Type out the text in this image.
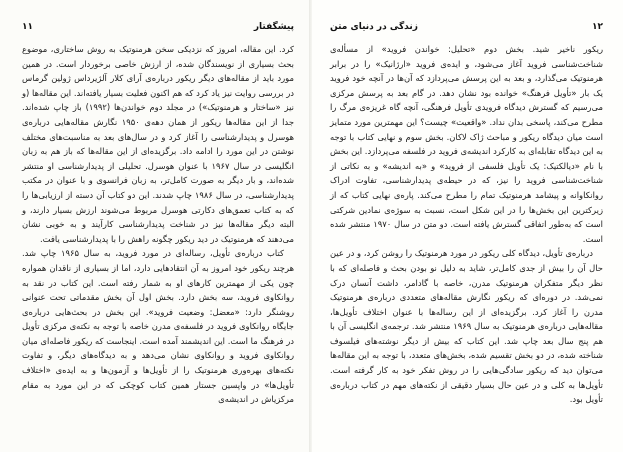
پیشگفتار
۱۱

کرد. این مقاله، امروز که نزدیکی سخن هرمنوتیک به روش ساختاری، موضوع بحث بسیاری از نویسندگان شده، از ارزش خاصی برخوردار است. در همین مورد باید از مقاله‌های دیگر ریکور درباره‌ی آرای کلار آلژیرداس ژولین گرماس در بررسی روایت نیز یاد کرد که هم اکنون فعلیت بسیار یافته‌اند. این مقاله‌ها (و نیز «ساختار و هرمنوتیک») در مجلد دوم خواندن‌ها (۱۹۹۲) باز چاپ شده‌اند. جدا از این مقاله‌ها ریکور از همان دهه‌ی ۱۹۵۰ نگارش مقاله‌هایی درباره‌ی هوسرل و پدیدارشناسی را آغاز کرد و در سال‌های بعد به مناسبت‌های مختلف نوشتن در این مورد را ادامه داد. برگزیده‌ای از این مقاله‌ها که باز هم به زبان انگلیسی در سال ۱۹۶۷ با عنوان هوسرل. تحلیلی از پدیدارشناسی او منتشر شده‌اند، و بار دیگر به صورت کامل‌تر، به زبان فرانسوی و با عنوان در مکتب پدیدارشناسی، در سال ۱۹۸۶ چاپ شدند. این دو کتاب آن دسته از ارزیابی‌ها را که به کتاب تعمق‌های دکارتی هوسرل مربوط می‌شوند ارزش بسیار دارند، و البته دیگر مقاله‌ها نیز در شناخت پدیدارشناسی کارآیند و به خوبی نشان می‌دهند که هرمنوتیک در دید ریکور چگونه راهش را با پدیدارشناسی یافت.

کتاب درباره‌ی تأویل، رساله‌ای در مورد فروید، به سال ۱۹۶۵ چاپ شد. هرچند ریکور خود امروز به آن انتقادهایی دارد، اما از بسیاری از ناقدان همواره چون یکی از مهمترین کارهای او به شمار رفته است. این کتاب در نقد به روانکاوی فروید، سه بخش دارد. بخش اول آن بخش مقدماتی تحت عنوانی روشنگر دارد: «معضل: وضعیت فروید». این بخش در بحث‌هایی درباره‌ی جایگاه روانکاوی فروید در فلسفه‌ی مدرن خاصه با توجه به نکته‌ی مرکزی تأویل در فرهنگ ما است. این اندیشمند آمده است. اینجاست که ریکور فاصله‌ای میان روانکاوی فروید و روانکاوی نشان می‌دهد و به دیدگاه‌های دیگر، و تفاوت نکته‌های بهره‌وری هرمنوتیک را از تأویل‌ها و آزمون‌ها و به ایده‌ی «اختلاف تأویل‌ها» در واپسین جستار همین کتاب کوچکی که در این مورد به مقام مرکزیاش در اندیشه‌ی

۱۲
زندگی در دنیای متن

ریکور ناخیر شید. بخش دوم «تحلیل: خواندن فروید» از مسأله‌ی شناخت‌شناسی فروید آغاز می‌شود، و ایده‌ی فروید «ارژانیک» را در برابر هرمنوتیک می‌گذارد، و بعد به این پرسش می‌پردازد که آن‌ها در آنچه خود فروید یک بار «تأویل فرهنگ» خوانده بود نشان دهد. در گام بعد به پرسش مرکزی می‌رسیم که گسترش دیدگاه فرویدی تأویل فرهنگی، آنچه گاه غریزه‌ی مرگ را مطرح می‌کند، پاسخی بدان نداد. «واقعیت» چیست؟ این مهمترین مورد متمایز است میان دیدگاه ریکور و مباحث ژاک لاکان. بخش سوم و نهایی کتاب با توجه به این دیدگاه تقابله‌ای به کارکرد اندیشه‌ی فروید در فلسفه می‌پردازد. این بخش با نام «دیالکتیک: یک تأویل فلسفی از فروید» و «به اندیشه» و به نکاتی از شناخت‌شناسی فروید را نیز، که در حیطه‌ی پدیدارشناسی، تفاوت ادراک روانکاوانه و پیشامد هرمنوتیک تمام را مطرح می‌کند. پاره‌ی نهایی کتاب که از زیرکترین این بخش‌ها را در این شکل است، نسبت به سوژه‌ی نمادین شرکتی است که به‌طور اتفاقی گسترش یافته است. دو متن در سال ۱۹۷۰ منتشر شده است.

درباره‌ی تأویل، دیدگاه کلی ریکور در مورد هرمنوتیک را روشن کرد، و در عین حال آن را بیش از جدی کامل‌تر، شاید به دلیل نو بودن بحث و فاصله‌ای که با نظر دیگر متفکران هرمنوتیک مدرن، خاصه با گادامر، داشت آنسان درک نمی‌شد. در دوره‌ای که ریکور نگارش مقاله‌های متعددی درباره‌ی هرمنوتیک مدرن را آغاز کرد. برگزیده‌ای از این رساله‌ها با عنوان اختلاف تأویل‌ها، مقاله‌هایی درباره‌ی هرمنوتیک به سال ۱۹۶۹ منتشر شد. ترجمه‌ی انگلیسی آن با هم پنج سال بعد چاپ شد. این کتاب که بیش از دیگر نوشته‌های فیلسوف شناخته شده، در دو بخش تقسیم شده، بخش‌های متعدد، با توجه به این مقاله‌ها می‌توان دید که ریکور سادگی‌هایی را در روش تفکر خود به کار گرفته است. تأویل‌ها به کلی و در عین حال بسیار دقیقی از نکته‌های مهم در کتاب درباره‌ی تأویل بود.
